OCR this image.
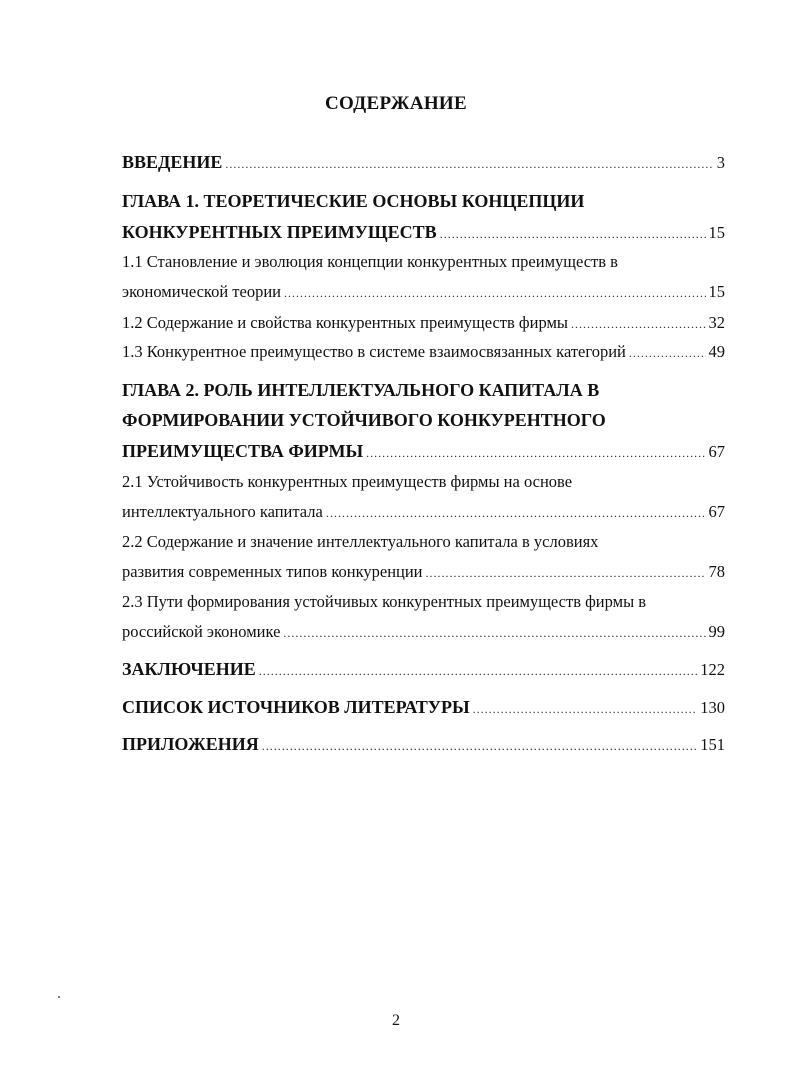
СОДЕРЖАНИЕ
ВВЕДЕНИЕ .....	3
ГЛАВА 1. ТЕОРЕТИЧЕСКИЕ ОСНОВЫ КОНЦЕПЦИИ
КОНКУРЕНТНЫХ ПРЕИМУЩЕСТВ .....	15
1.1 Становление и эволюция концепции конкурентных преимуществ в
экономической теории .....	15
1.2 Содержание и свойства конкурентных преимуществ фирмы .....	32
1.3 Конкурентное преимущество в системе взаимосвязанных категорий .....	49
ГЛАВА 2. РОЛЬ ИНТЕЛЛЕКТУАЛЬНОГО КАПИТАЛА В
ФОРМИРОВАНИИ УСТОЙЧИВОГО КОНКУРЕНТНОГО
ПРЕИМУЩЕСТВА ФИРМЫ .....	67
2.1 Устойчивость конкурентных преимуществ фирмы на основе
интеллектуального капитала .....	67
2.2 Содержание и значение интеллектуального капитала в условиях
развития современных типов конкуренции .....	78
2.3 Пути формирования устойчивых конкурентных преимуществ фирмы в
российской экономике .....	99
ЗАКЛЮЧЕНИЕ .....	122
СПИСОК ИСТОЧНИКОВ ЛИТЕРАТУРЫ .....	130
ПРИЛОЖЕНИЯ .....	151
2
